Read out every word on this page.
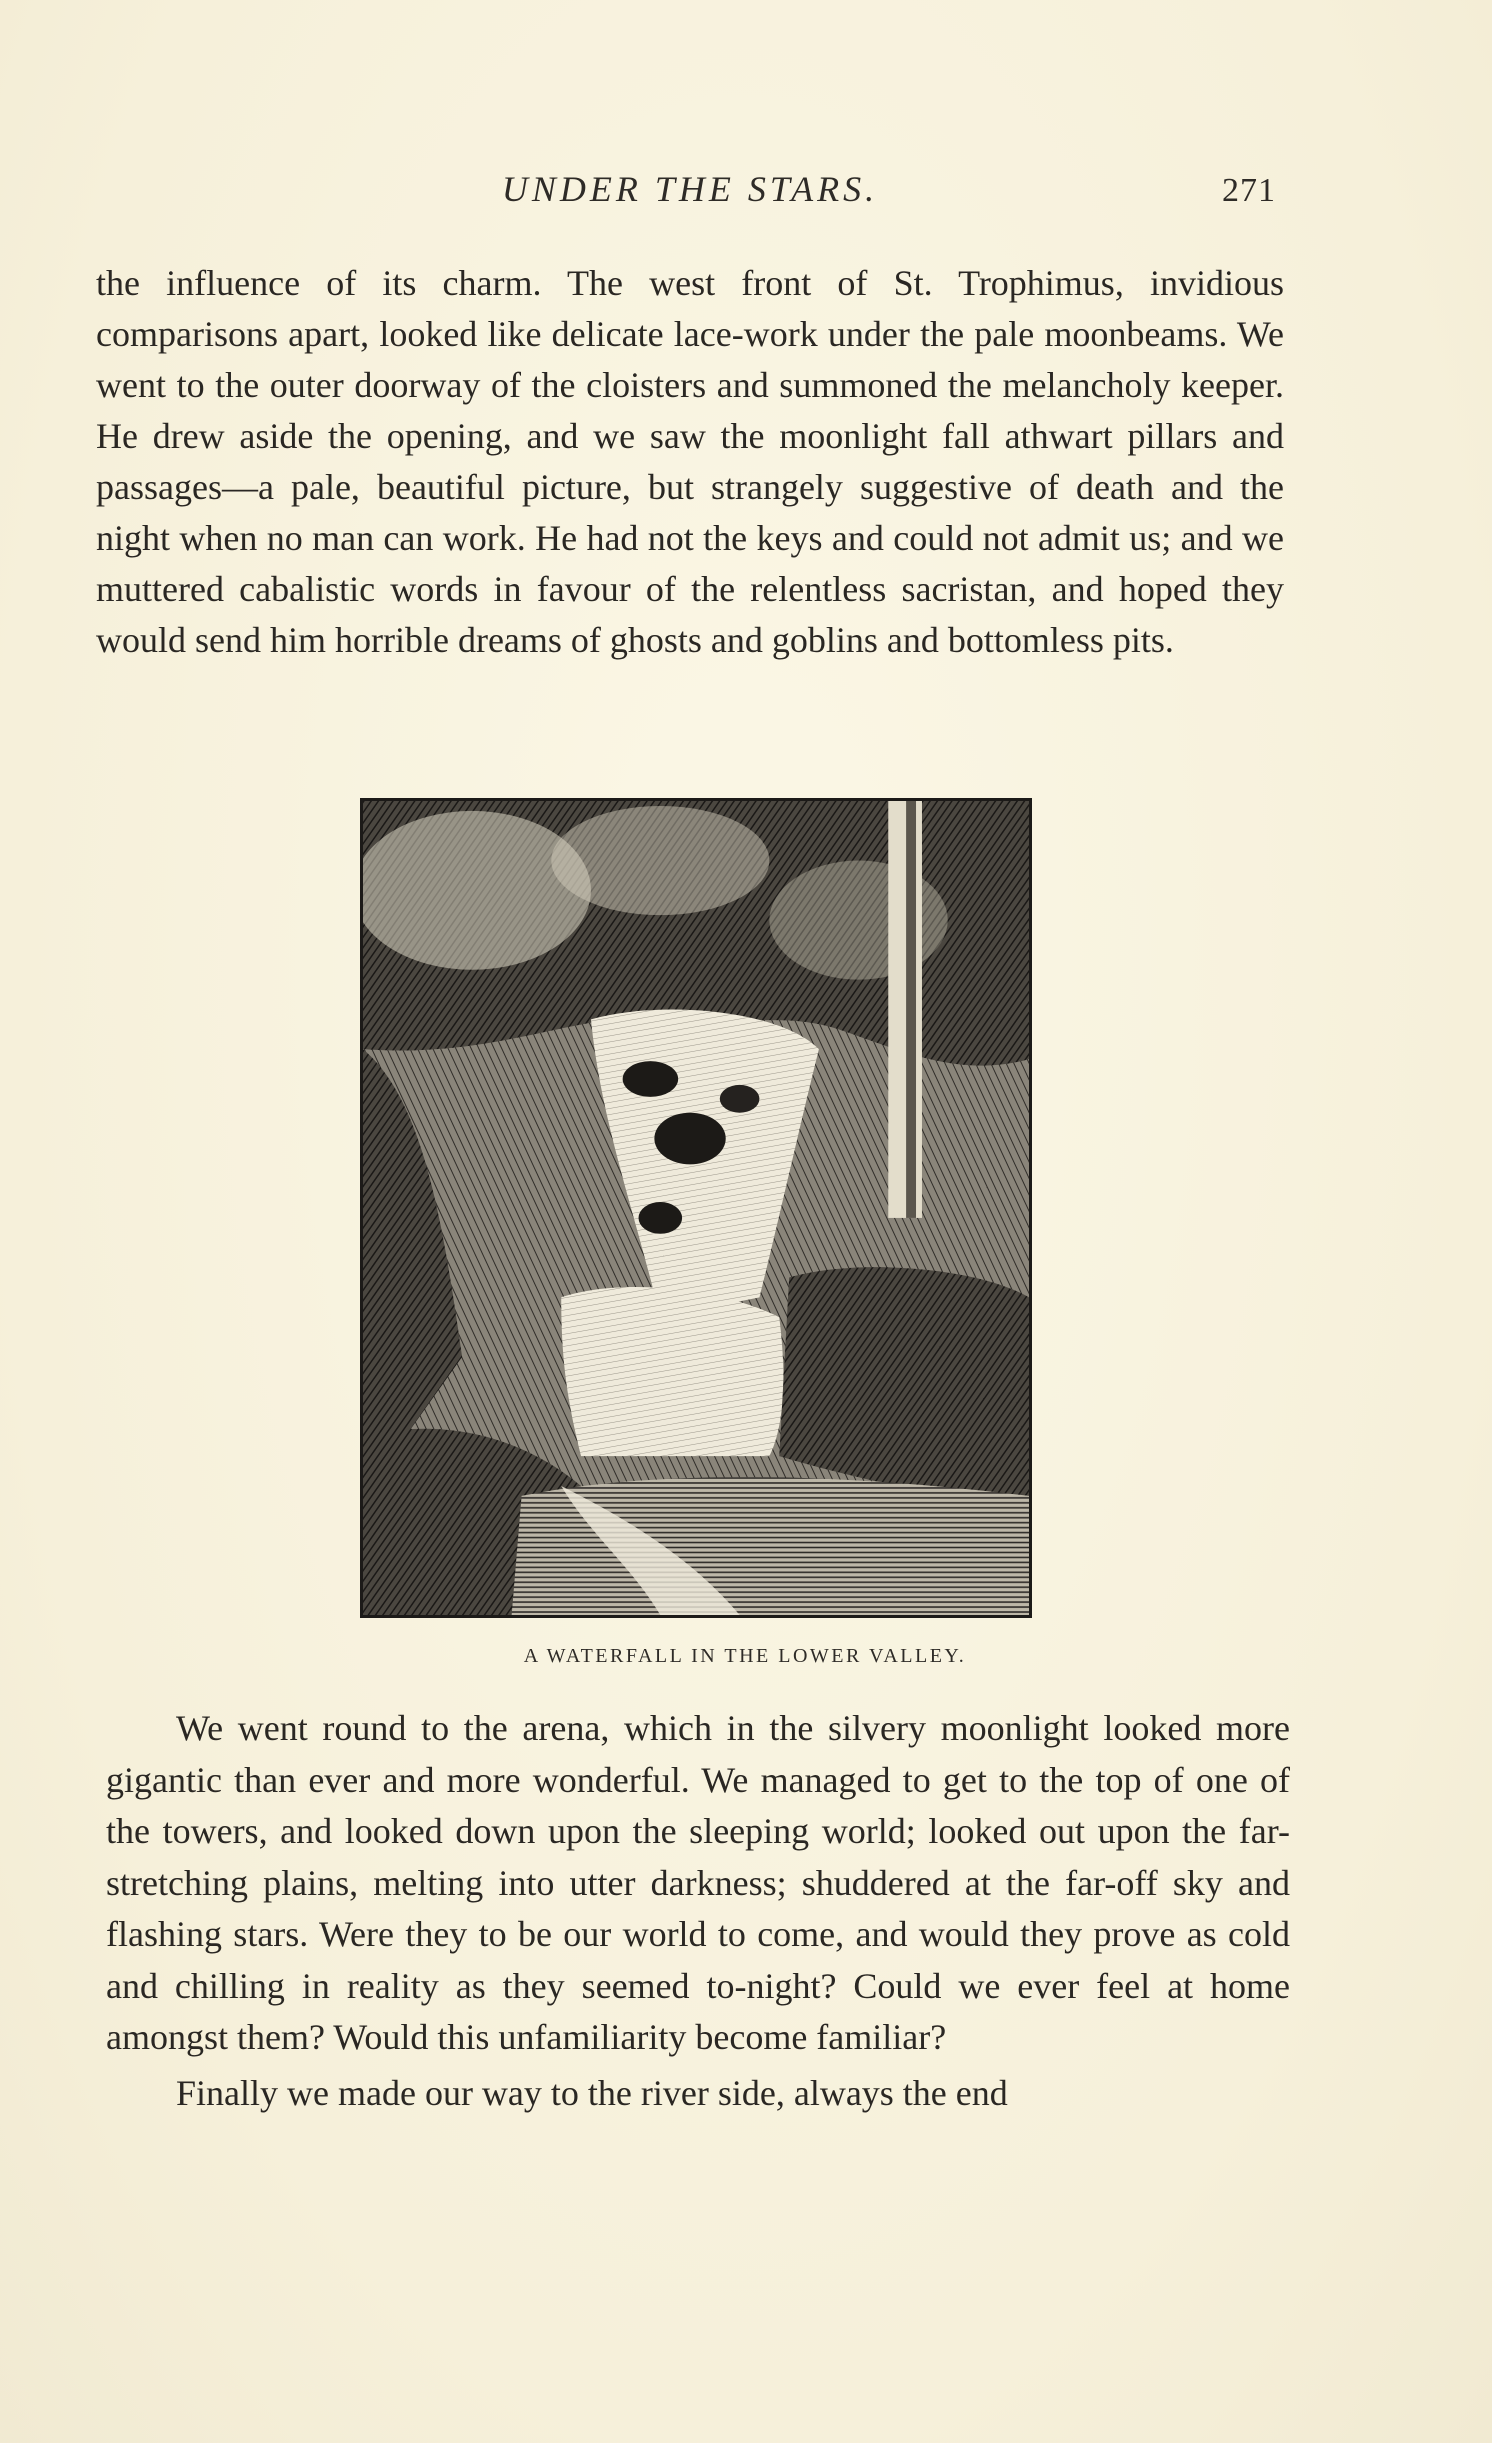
UNDER THE STARS.	271

the influence of its charm. The west front of St. Trophimus, invidious comparisons apart, looked like delicate lace-work under the pale moonbeams. We went to the outer doorway of the cloisters and summoned the melancholy keeper. He drew aside the opening, and we saw the moonlight fall athwart pillars and passages—a pale, beautiful picture, but strangely suggestive of death and the night when no man can work. He had not the keys and could not admit us; and we muttered cabalistic words in favour of the relentless sacristan, and hoped they would send him horrible dreams of ghosts and goblins and bottomless pits.

A WATERFALL IN THE LOWER VALLEY.

We went round to the arena, which in the silvery moonlight looked more gigantic than ever and more wonderful. We managed to get to the top of one of the towers, and looked down upon the sleeping world; looked out upon the far-stretching plains, melting into utter darkness; shuddered at the far-off sky and flashing stars. Were they to be our world to come, and would they prove as cold and chilling in reality as they seemed to-night? Could we ever feel at home amongst them? Would this unfamiliarity become familiar?

Finally we made our way to the river side, always the end
